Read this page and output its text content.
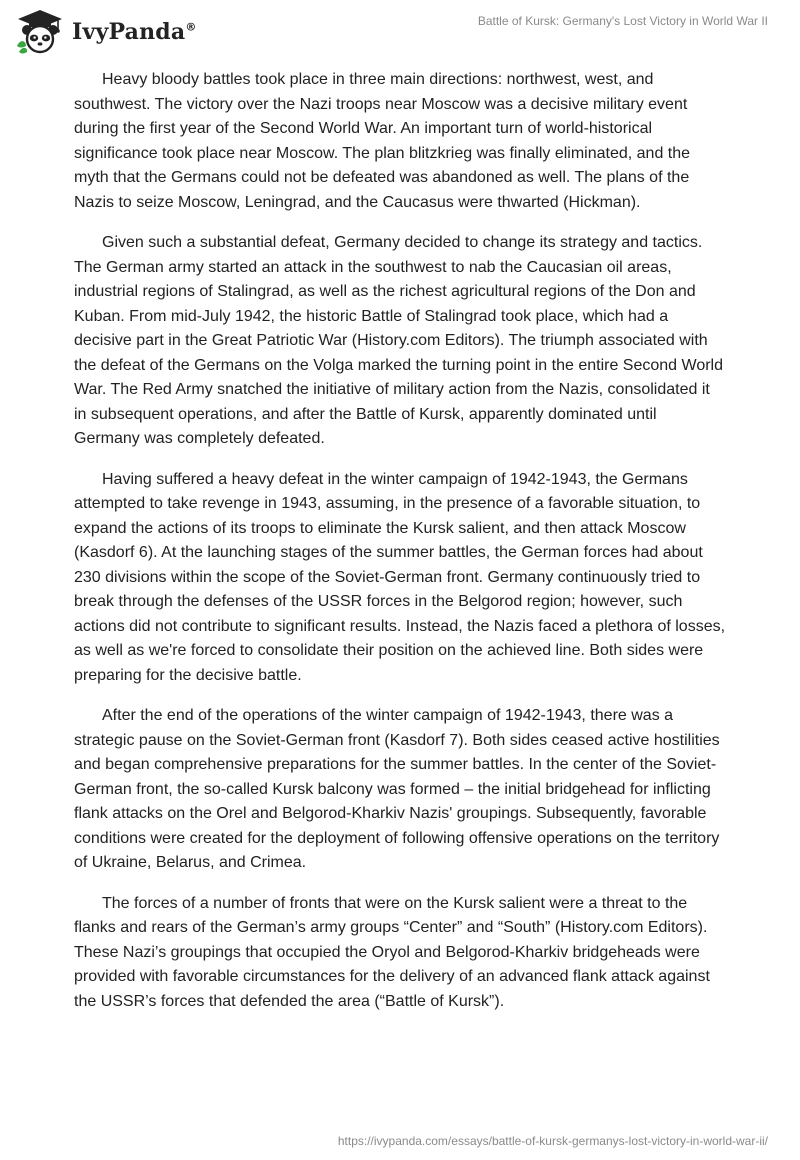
IvyPanda®	Battle of Kursk: Germany's Lost Victory in World War II

Heavy bloody battles took place in three main directions: northwest, west, and southwest. The victory over the Nazi troops near Moscow was a decisive military event during the first year of the Second World War. An important turn of world-historical significance took place near Moscow. The plan blitzkrieg was finally eliminated, and the myth that the Germans could not be defeated was abandoned as well. The plans of the Nazis to seize Moscow, Leningrad, and the Caucasus were thwarted (Hickman).

Given such a substantial defeat, Germany decided to change its strategy and tactics. The German army started an attack in the southwest to nab the Caucasian oil areas, industrial regions of Stalingrad, as well as the richest agricultural regions of the Don and Kuban. From mid-July 1942, the historic Battle of Stalingrad took place, which had a decisive part in the Great Patriotic War (History.com Editors). The triumph associated with the defeat of the Germans on the Volga marked the turning point in the entire Second World War. The Red Army snatched the initiative of military action from the Nazis, consolidated it in subsequent operations, and after the Battle of Kursk, apparently dominated until Germany was completely defeated.

Having suffered a heavy defeat in the winter campaign of 1942-1943, the Germans attempted to take revenge in 1943, assuming, in the presence of a favorable situation, to expand the actions of its troops to eliminate the Kursk salient, and then attack Moscow (Kasdorf 6). At the launching stages of the summer battles, the German forces had about 230 divisions within the scope of the Soviet-German front. Germany continuously tried to break through the defenses of the USSR forces in the Belgorod region; however, such actions did not contribute to significant results. Instead, the Nazis faced a plethora of losses, as well as we're forced to consolidate their position on the achieved line. Both sides were preparing for the decisive battle.

After the end of the operations of the winter campaign of 1942-1943, there was a strategic pause on the Soviet-German front (Kasdorf 7). Both sides ceased active hostilities and began comprehensive preparations for the summer battles. In the center of the Soviet-German front, the so-called Kursk balcony was formed – the initial bridgehead for inflicting flank attacks on the Orel and Belgorod-Kharkiv Nazis' groupings. Subsequently, favorable conditions were created for the deployment of following offensive operations on the territory of Ukraine, Belarus, and Crimea.

The forces of a number of fronts that were on the Kursk salient were a threat to the flanks and rears of the German’s army groups “Center” and “South” (History.com Editors). These Nazi’s groupings that occupied the Oryol and Belgorod-Kharkiv bridgeheads were provided with favorable circumstances for the delivery of an advanced flank attack against the USSR’s forces that defended the area (“Battle of Kursk”).

https://ivypanda.com/essays/battle-of-kursk-germanys-lost-victory-in-world-war-ii/
